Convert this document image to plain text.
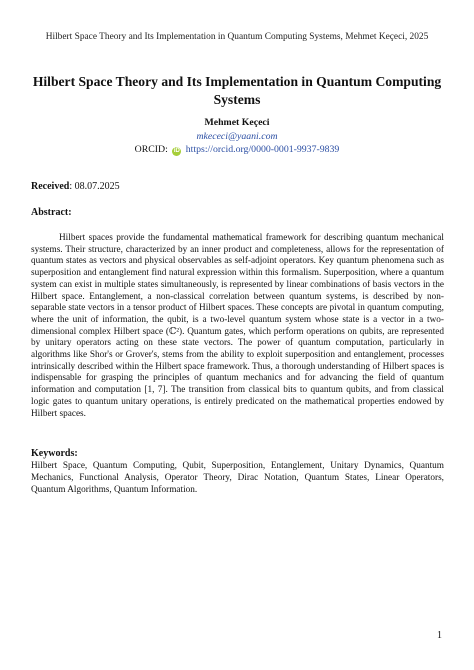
Hilbert Space Theory and Its Implementation in Quantum Computing Systems, Mehmet Keçeci, 2025
Hilbert Space Theory and Its Implementation in Quantum Computing Systems
Mehmet Keçeci
mkececi@yaani.com
ORCID: iD https://orcid.org/0000-0001-9937-9839
Received: 08.07.2025
Abstract:

Hilbert spaces provide the fundamental mathematical framework for describing quantum mechanical systems. Their structure, characterized by an inner product and completeness, allows for the representation of quantum states as vectors and physical observables as self-adjoint operators. Key quantum phenomena such as superposition and entanglement find natural expression within this formalism. Superposition, where a quantum system can exist in multiple states simultaneously, is represented by linear combinations of basis vectors in the Hilbert space. Entanglement, a non-classical correlation between quantum systems, is described by non-separable state vectors in a tensor product of Hilbert spaces. These concepts are pivotal in quantum computing, where the unit of information, the qubit, is a two-level quantum system whose state is a vector in a two-dimensional complex Hilbert space (ℂ²). Quantum gates, which perform operations on qubits, are represented by unitary operators acting on these state vectors. The power of quantum computation, particularly in algorithms like Shor's or Grover's, stems from the ability to exploit superposition and entanglement, processes intrinsically described within the Hilbert space framework. Thus, a thorough understanding of Hilbert spaces is indispensable for grasping the principles of quantum mechanics and for advancing the field of quantum information and computation [1, 7]. The transition from classical bits to quantum qubits, and from classical logic gates to quantum unitary operations, is entirely predicated on the mathematical properties endowed by Hilbert spaces.

Keywords:

Hilbert Space, Quantum Computing, Qubit, Superposition, Entanglement, Unitary Dynamics, Quantum Mechanics, Functional Analysis, Operator Theory, Dirac Notation, Quantum States, Linear Operators, Quantum Algorithms, Quantum Information.

1
